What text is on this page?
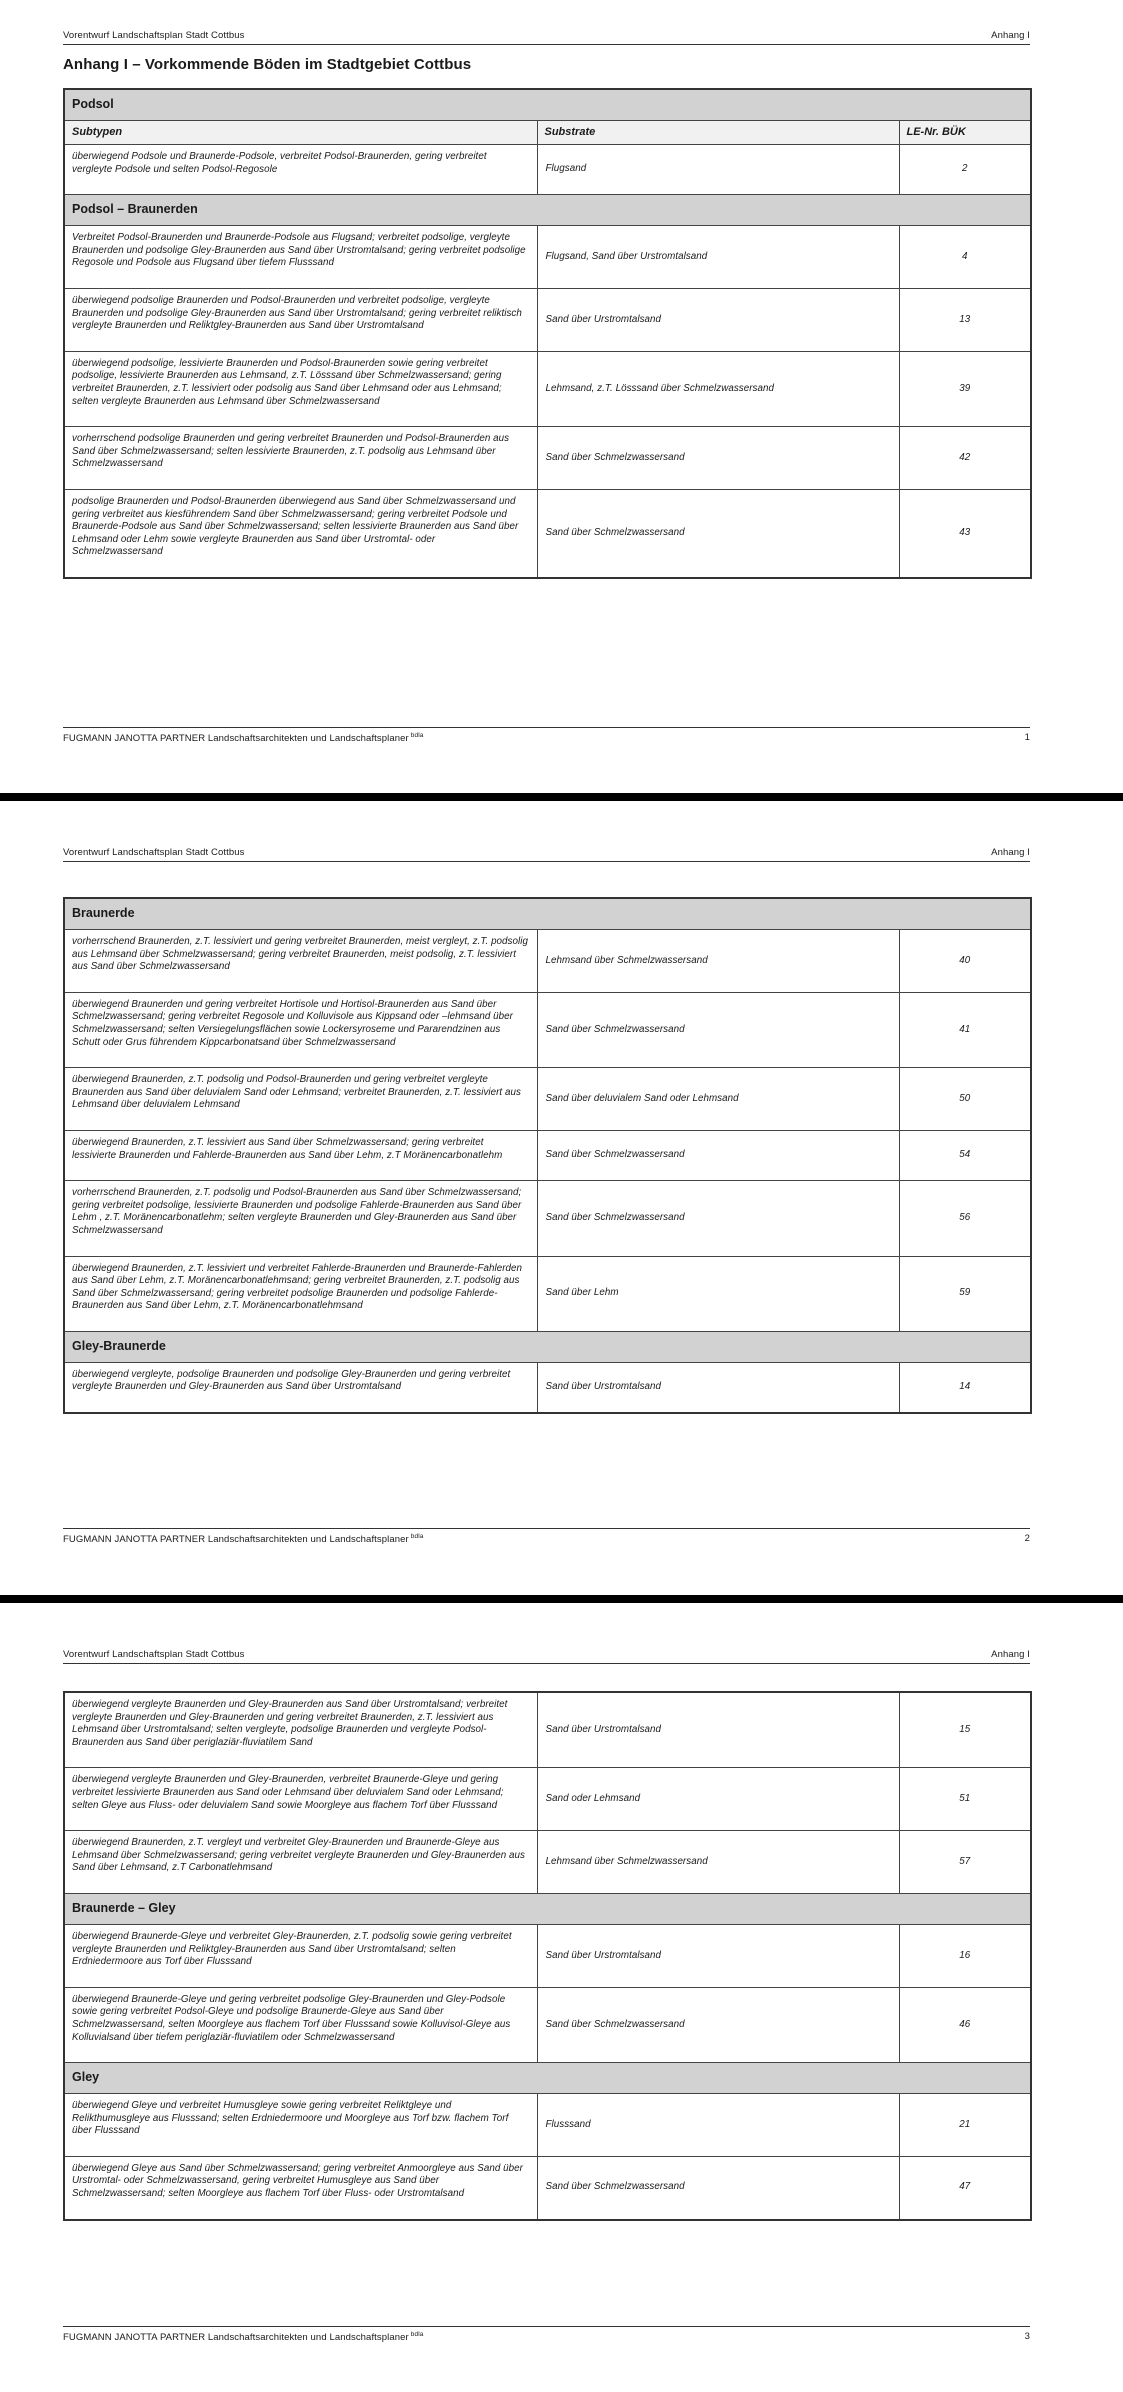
Vorentwurf Landschaftsplan Stadt Cottbus	Anhang I
Anhang I – Vorkommende Böden im Stadtgebiet Cottbus
Podsol		
Subtypen	Substrate	LE-Nr. BÜK
überwiegend Podsole und Braunerde-Podsole, verbreitet Podsol-Braunerden, gering verbreitet vergleyte Podsole und selten Podsol-Regosole	Flugsand	2
Podsol – Braunerden		
Verbreitet Podsol-Braunerden und Braunerde-Podsole aus Flugsand; verbreitet podsolige, vergleyte Braunerden und podsolige Gley-Braunerden aus Sand über Urstromtalsand; gering verbreitet podsolige Regosole und Podsole aus Flugsand über tiefem Flusssand	Flugsand, Sand über Urstromtalsand	4
überwiegend podsolige Braunerden und Podsol-Braunerden und verbreitet podsolige, vergleyte Braunerden und podsolige Gley-Braunerden aus Sand über Urstromtalsand; gering verbreitet reliktisch vergleyte Braunerden und Reliktgley-Braunerden aus Sand über Urstromtalsand	Sand über Urstromtalsand	13
überwiegend podsolige, lessivierte Braunerden und Podsol-Braunerden sowie gering verbreitet podsolige, lessivierte Braunerden aus Lehmsand, z.T. Lösssand über Schmelzwassersand; gering verbreitet Braunerden, z.T. lessiviert oder podsolig aus Sand über Lehmsand oder aus Lehmsand; selten vergleyte Braunerden aus Lehmsand über Schmelzwassersand	Lehmsand, z.T. Lösssand über Schmelzwassersand	39
vorherrschend podsolige Braunerden und gering verbreitet Braunerden und Podsol-Braunerden aus Sand über Schmelzwassersand; selten lessivierte Braunerden, z.T. podsolig aus Lehmsand über Schmelzwassersand	Sand über Schmelzwassersand	42
podsolige Braunerden und Podsol-Braunerden überwiegend aus Sand über Schmelzwassersand und gering verbreitet aus kiesführendem Sand über Schmelzwassersand; gering verbreitet Podsole und Braunerde-Podsole aus Sand über Schmelzwassersand; selten lessivierte Braunerden aus Sand über Lehmsand oder Lehm sowie vergleyte Braunerden aus Sand über Urstromtal- oder Schmelzwassersand	Sand über Schmelzwassersand	43
FUGMANN JANOTTA PARTNER Landschaftsarchitekten und Landschaftsplaner $^{bdla}$	1
Vorentwurf Landschaftsplan Stadt Cottbus	Anhang I
Braunerde		
vorherrschend Braunerden, z.T. lessiviert und gering verbreitet Braunerden, meist vergleyt, z.T. podsolig aus Lehmsand über Schmelzwassersand; gering verbreitet Braunerden, meist podsolig, z.T. lessiviert aus Sand über Schmelzwassersand	Lehmsand über Schmelzwassersand	40
überwiegend Braunerden und gering verbreitet Hortisole und Hortisol-Braunerden aus Sand über Schmelzwassersand; gering verbreitet Regosole und Kolluvisole aus Kippsand oder –lehmsand über Schmelzwassersand; selten Versiegelungsflächen sowie Lockersyroseme und Pararendzinen aus Schutt oder Grus führendem Kippcarbonatsand über Schmelzwassersand	Sand über Schmelzwassersand	41
überwiegend Braunerden, z.T. podsolig und Podsol-Braunerden und gering verbreitet vergleyte Braunerden aus Sand über deluvialem Sand oder Lehmsand; verbreitet Braunerden, z.T. lessiviert aus Lehmsand über deluvialem Lehmsand	Sand über deluvialem Sand oder Lehmsand	50
überwiegend Braunerden, z.T. lessiviert aus Sand über Schmelzwassersand; gering verbreitet lessivierte Braunerden und Fahlerde-Braunerden aus Sand über Lehm, z.T Moränencarbonatlehm	Sand über Schmelzwassersand	54
vorherrschend Braunerden, z.T. podsolig und Podsol-Braunerden aus Sand über Schmelzwassersand; gering verbreitet podsolige, lessivierte Braunerden und podsolige Fahlerde-Braunerden aus Sand über Lehm , z.T. Moränencarbonatlehm; selten vergleyte Braunerden und Gley-Braunerden aus Sand über Schmelzwassersand	Sand über Schmelzwassersand	56
überwiegend Braunerden, z.T. lessiviert und verbreitet Fahlerde-Braunerden und Braunerde-Fahlerden aus Sand über Lehm, z.T. Moränencarbonatlehmsand; gering verbreitet Braunerden, z.T. podsolig aus Sand über Schmelzwassersand; gering verbreitet podsolige Braunerden und podsolige Fahlerde-Braunerden aus Sand über Lehm, z.T. Moränencarbonatlehmsand	Sand über Lehm	59
Gley-Braunerde		
überwiegend vergleyte, podsolige Braunerden und podsolige Gley-Braunerden und gering verbreitet vergleyte Braunerden und Gley-Braunerden aus Sand über Urstromtalsand	Sand über Urstromtalsand	14
FUGMANN JANOTTA PARTNER Landschaftsarchitekten und Landschaftsplaner $^{bdla}$	2
Vorentwurf Landschaftsplan Stadt Cottbus	Anhang I
überwiegend vergleyte Braunerden und Gley-Braunerden aus Sand über Urstromtalsand; verbreitet vergleyte Braunerden und Gley-Braunerden und gering verbreitet Braunerden, z.T. lessiviert aus Lehmsand über Urstromtalsand; selten vergleyte, podsolige Braunerden und vergleyte Podsol-Braunerden aus Sand über periglaziär-fluviatilem Sand	Sand über Urstromtalsand	15
überwiegend vergleyte Braunerden und Gley-Braunerden, verbreitet Braunerde-Gleye und gering verbreitet lessivierte Braunerden aus Sand oder Lehmsand über deluvialem Sand oder Lehmsand; selten Gleye aus Fluss- oder deluvialem Sand sowie Moorgleye aus flachem Torf über Flusssand	Sand oder Lehmsand	51
überwiegend Braunerden, z.T. vergleyt und verbreitet Gley-Braunerden und Braunerde-Gleye aus Lehmsand über Schmelzwassersand; gering verbreitet vergleyte Braunerden und Gley-Braunerden aus Sand über Lehmsand, z.T Carbonatlehmsand	Lehmsand über Schmelzwassersand	57
Braunerde – Gley		
überwiegend Braunerde-Gleye und verbreitet Gley-Braunerden, z.T. podsolig sowie gering verbreitet vergleyte Braunerden und Reliktgley-Braunerden aus Sand über Urstromtalsand; selten Erdniedermoore aus Torf über Flusssand	Sand über Urstromtalsand	16
überwiegend Braunerde-Gleye und gering verbreitet podsolige Gley-Braunerden und Gley-Podsole sowie gering verbreitet Podsol-Gleye und podsolige Braunerde-Gleye aus Sand über Schmelzwassersand, selten Moorgleye aus flachem Torf über Flusssand sowie Kolluvisol-Gleye aus Kolluvialsand über tiefem periglaziär-fluviatilem oder Schmelzwassersand	Sand über Schmelzwassersand	46
Gley		
überwiegend Gleye und verbreitet Humusgleye sowie gering verbreitet Reliktgleye und Relikthumusgleye aus Flusssand; selten Erdniedermoore und Moorgleye aus Torf bzw. flachem Torf über Flusssand	Flusssand	21
überwiegend Gleye aus Sand über Schmelzwassersand; gering verbreitet Anmoorgleye aus Sand über Urstromtal- oder Schmelzwassersand, gering verbreitet Humusgleye aus Sand über Schmelzwassersand; selten Moorgleye aus flachem Torf über Fluss- oder Urstromtalsand	Sand über Schmelzwassersand	47
FUGMANN JANOTTA PARTNER Landschaftsarchitekten und Landschaftsplaner $^{bdla}$	3
